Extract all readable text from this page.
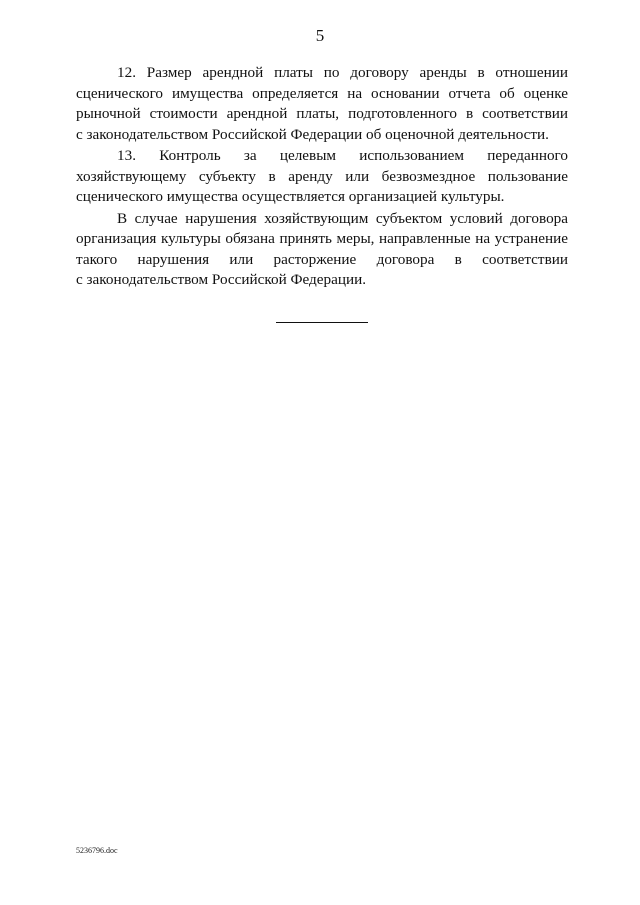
5

12. Размер арендной платы по договору аренды в отношении
сценического имущества определяется на основании отчета об оценке
рыночной стоимости арендной платы, подготовленного в соответствии
с законодательством Российской Федерации об оценочной деятельности.

13. Контроль за целевым использованием переданного
хозяйствующему субъекту в аренду или безвозмездное пользование
сценического имущества осуществляется организацией культуры.

В случае нарушения хозяйствующим субъектом условий договора
организация культуры обязана принять меры, направленные на устранение
такого нарушения или расторжение договора в соответствии
с законодательством Российской Федерации.

5236796.doc
